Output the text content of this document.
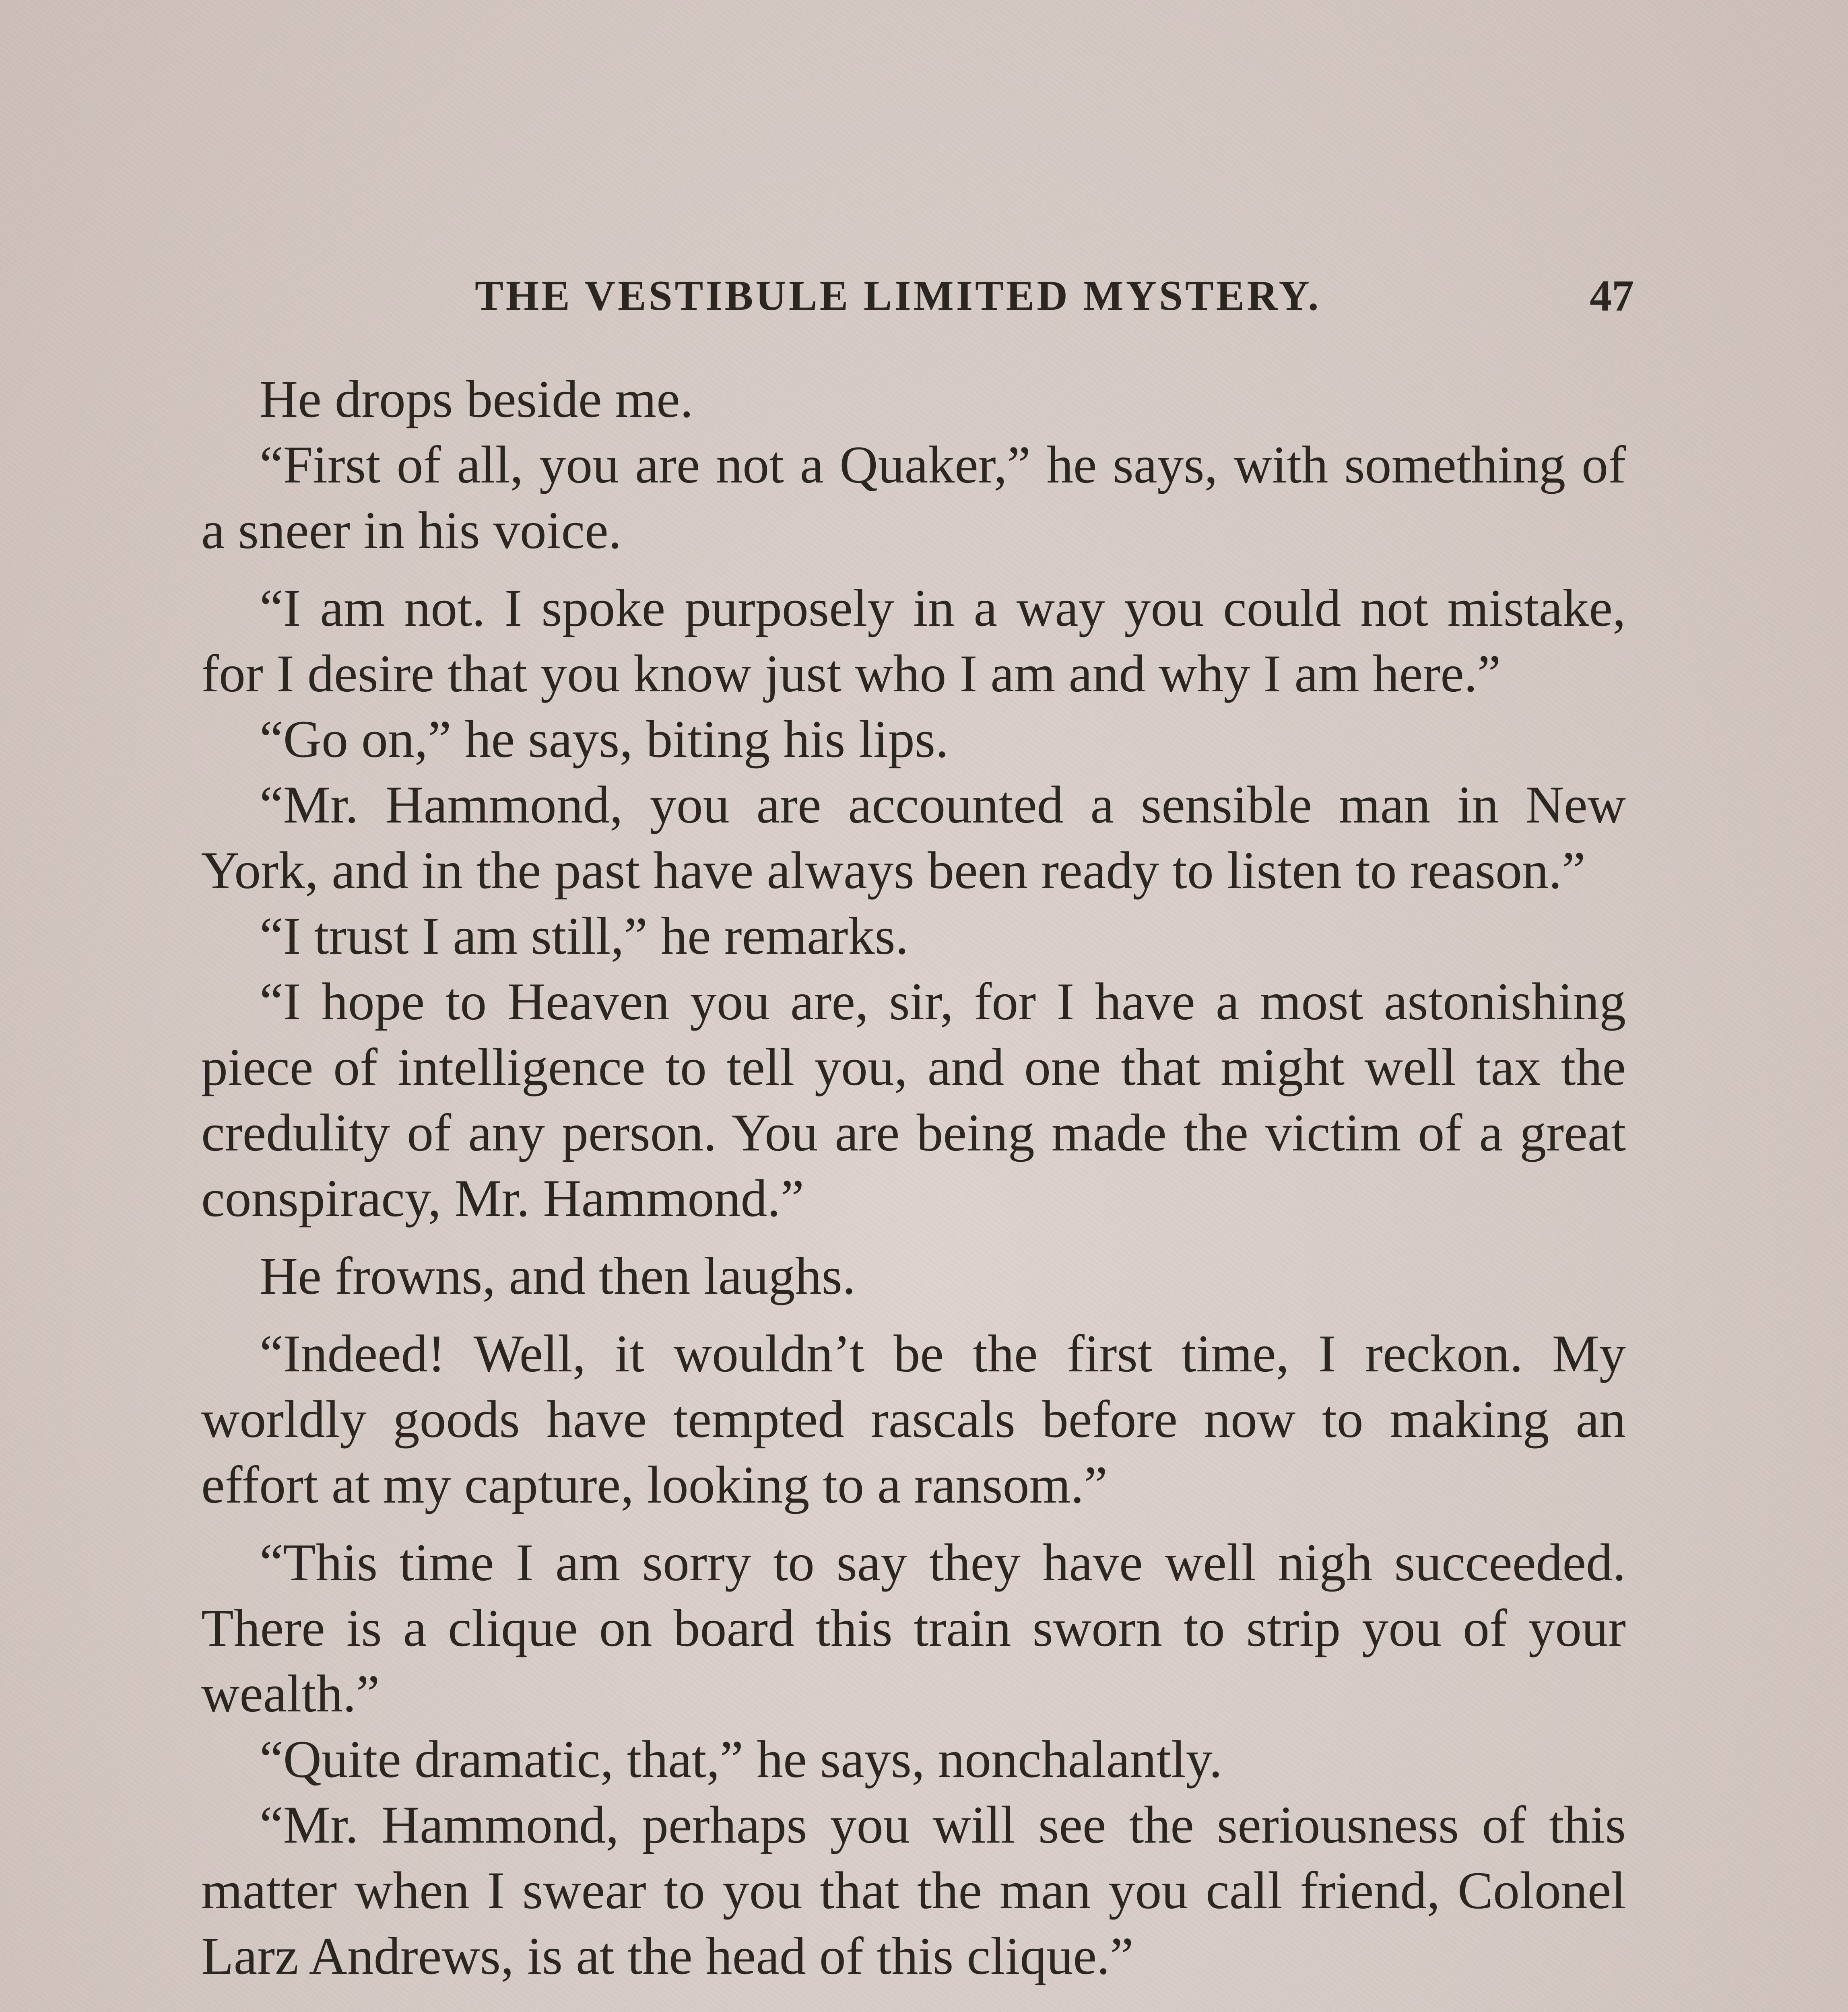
THE VESTIBULE LIMITED MYSTERY.	47

He drops beside me.

“First of all, you are not a Quaker,” he says, with something of a sneer in his voice.

“I am not. I spoke purposely in a way you could not mistake, for I desire that you know just who I am and why I am here.”

“Go on,” he says, biting his lips.

“Mr. Hammond, you are accounted a sensible man in New York, and in the past have always been ready to listen to reason.”

“I trust I am still,” he remarks.

“I hope to Heaven you are, sir, for I have a most astonishing piece of intelligence to tell you, and one that might well tax the credulity of any person. You are being made the victim of a great conspiracy, Mr. Hammond.”

He frowns, and then laughs.

“Indeed! Well, it wouldn’t be the first time, I reckon. My worldly goods have tempted rascals before now to making an effort at my capture, looking to a ransom.”

“This time I am sorry to say they have well nigh succeeded. There is a clique on board this train sworn to strip you of your wealth.”

“Quite dramatic, that,” he says, nonchalantly.

“Mr. Hammond, perhaps you will see the seriousness of this matter when I swear to you that the man you call friend, Colonel Larz Andrews, is at the head of this clique.”
